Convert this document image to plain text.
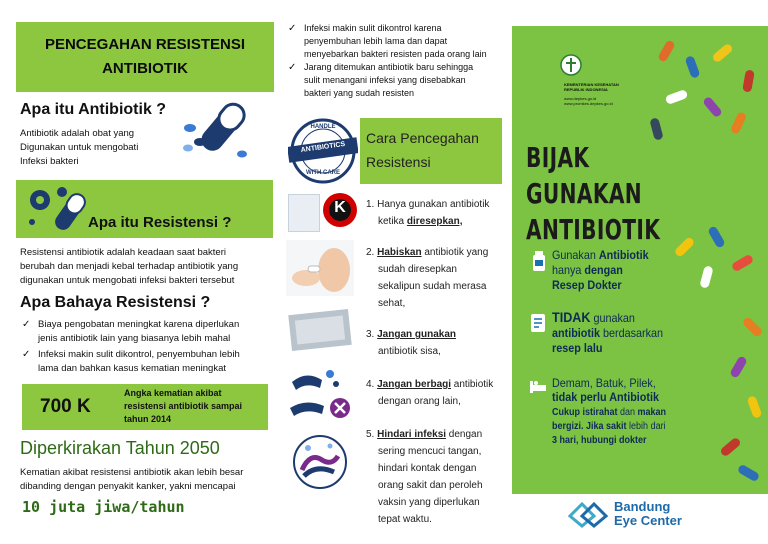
PENCEGAHAN RESISTENSI
ANTIBIOTIK
Apa itu Antibiotik ?
Antibiotik adalah obat yang
Digunakan untuk mengobati
Infeksi bakteri
Apa itu Resistensi ?
Resistensi antibiotik adalah keadaan saat bakteri
berubah dan menjadi kebal terhadap antibiotik yang
digunakan untuk mengobati infeksi bakteri tersebut
Apa Bahaya Resistensi ?
✓ Biaya pengobatan meningkat karena diperlukan
jenis antibiotik lain yang biasanya lebih mahal
✓ Infeksi makin sulit dikontrol, penyembuhan lebih
lama dan bahkan kasus kematian meningkat
700 K
Angka kematian akibat
resistensi antibiotik sampai
tahun 2014
Diperkirakan Tahun 2050
Kematian akibat resistensi antibiotik akan lebih besar
dibanding dengan penyakit kanker, yakni mencapai
10 juta jiwa/tahun
✓ Infeksi makin sulit dikontrol karena
penyembuhan lebih lama dan dapat
menyebarkan bakteri resisten pada orang lain
✓ Jarang ditemukan antibiotik baru sehingga
sulit menangani infeksi yang disebabkan
bakteri yang sudah resisten
HANDLE
ANTIBIOTICS
WITH CARE
Cara Pencegahan
Resistensi
K	1. Hanya gunakan antibiotik
ketika diresepkan,
2. Habiskan antibiotik yang
sudah diresepkan
sekalipun sudah merasa
sehat,
3. Jangan gunakan
antibiotik sisa,
4. Jangan berbagi antibiotik
dengan orang lain,
5. Hindari infeksi dengan
sering mencuci tangan,
hindari kontak dengan
orang sakit dan peroleh
vaksin yang diperlukan
tepat waktu.
KEMENTERIAN KESEHATAN
REPUBLIK INDONESIA
www.depkes.go.id
www.promkes.depkes.go.id
BIJAK GUNAKAN
ANTIBIOTIK
Gunakan Antibiotik
hanya dengan
Resep Dokter
TIDAK gunakan
antibiotik berdasarkan
resep lalu
Demam, Batuk, Pilek,
tidak perlu Antibiotik
Cukup istirahat dan makan
bergizi. Jika sakit lebih dari
3 hari, hubungi dokter
Bandung
Eye Center
